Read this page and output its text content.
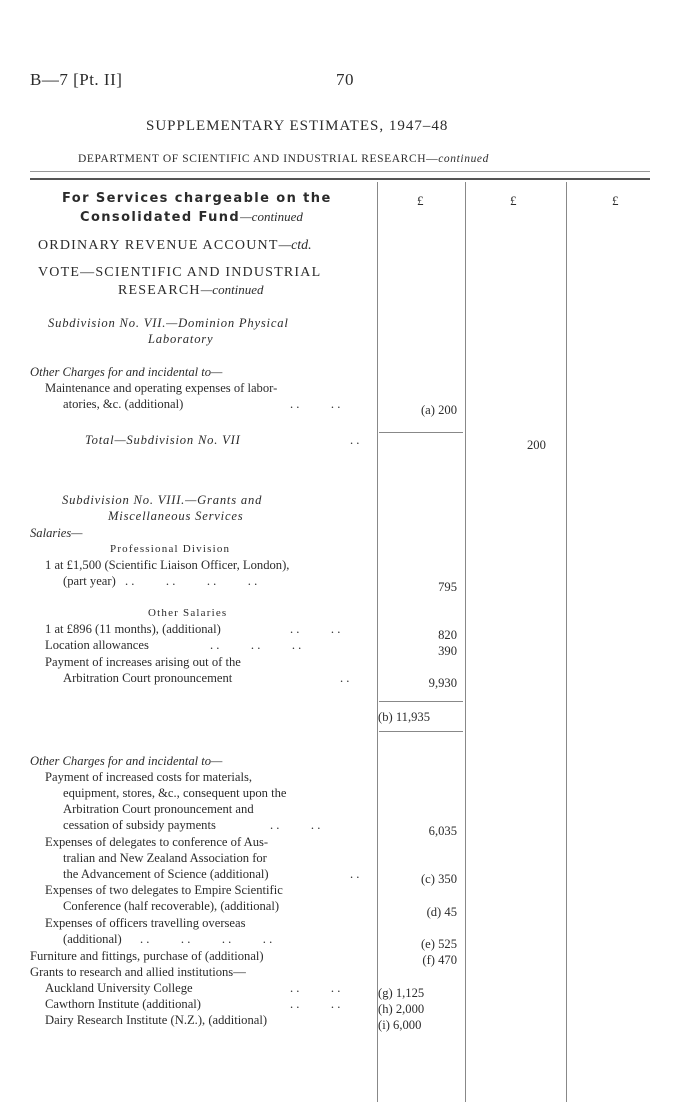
B—7 [Pt. II]	70
SUPPLEMENTARY ESTIMATES, 1947–48
DEPARTMENT OF SCIENTIFIC AND INDUSTRIAL RESEARCH—continued
£	£	£
For Services chargeable on the
Consolidated Fund—continued
ORDINARY REVENUE ACCOUNT—ctd.
VOTE—SCIENTIFIC AND INDUSTRIAL
RESEARCH—continued
Subdivision No. VII.—Dominion Physical
Laboratory
Other Charges for and incidental to—
Maintenance and operating expenses of labor-
atories, &c. (additional)	. .          . .	(a) 200
Total—Subdivision No. VII	. .	200
Subdivision No. VIII.—Grants and
Miscellaneous Services
Salaries—
Professional Division
1 at £1,500 (Scientific Liaison Officer, London),
(part year) . .          . .          . .          . .	795
Other Salaries
1 at £896 (11 months), (additional)	. .          . .	820
Location allowances	. .          . .          . .	390
Payment of increases arising out of the
Arbitration Court pronouncement	. .	9,930
(b) 11,935
Other Charges for and incidental to—
Payment of increased costs for materials,
equipment, stores, &c., consequent upon the
Arbitration Court pronouncement and
cessation of subsidy payments	. .          . .	6,035
Expenses of delegates to conference of Aus-
tralian and New Zealand Association for
the Advancement of Science (additional)	. .	(c) 350
Expenses of two delegates to Empire Scientific
Conference (half recoverable), (additional)	(d) 45
Expenses of officers travelling overseas
(additional) . .          . .          . .          . .	(e) 525
Furniture and fittings, purchase of (additional)	(f) 470
Grants to research and allied institutions—
Auckland University College	. .          . .	(g) 1,125
Cawthorn Institute (additional)	. .          . .	(h) 2,000
Dairy Research Institute (N.Z.), (additional)	(i) 6,000
